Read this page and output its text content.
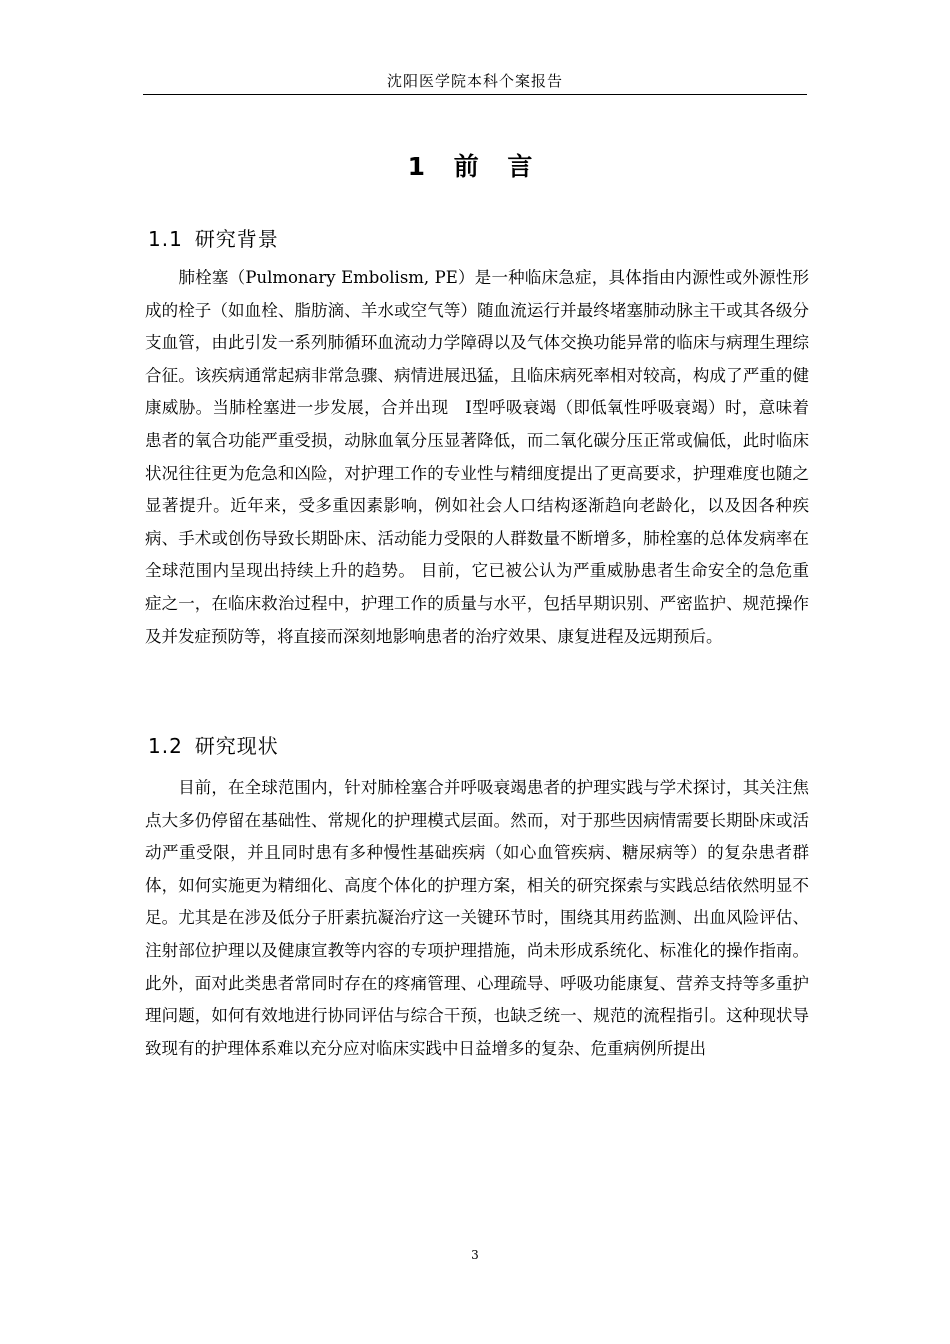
沈阳医学院本科个案报告
1 前 言
1.1 研究背景

　　肺栓塞（Pulmonary Embolism, PE）是一种临床急症，具体指由内源性或外源性形成的栓子（如血栓、脂肪滴、羊水或空气等）随血流运行并最终堵塞肺动脉主干或其各级分支血管，由此引发一系列肺循环血流动力学障碍以及气体交换功能异常的临床与病理生理综合征。该疾病通常起病非常急骤、病情进展迅猛，且临床病死率相对较高，构成了严重的健康威胁。当肺栓塞进一步发展，合并出现　Ⅰ型呼吸衰竭（即低氧性呼吸衰竭）时，意味着患者的氧合功能严重受损，动脉血氧分压显著降低，而二氧化碳分压正常或偏低，此时临床状况往往更为危急和凶险，对护理工作的专业性与精细度提出了更高要求，护理难度也随之显著提升。近年来，受多重因素影响，例如社会人口结构逐渐趋向老龄化，以及因各种疾病、手术或创伤导致长期卧床、活动能力受限的人群数量不断增多，肺栓塞的总体发病率在全球范围内呈现出持续上升的趋势。 目前，它已被公认为严重威胁患者生命安全的急危重症之一，在临床救治过程中，护理工作的质量与水平，包括早期识别、严密监护、规范操作及并发症预防等，将直接而深刻地影响患者的治疗效果、康复进程及远期预后。

1.2 研究现状

　　目前，在全球范围内，针对肺栓塞合并呼吸衰竭患者的护理实践与学术探讨，其关注焦点大多仍停留在基础性、常规化的护理模式层面。然而，对于那些因病情需要长期卧床或活动严重受限，并且同时患有多种慢性基础疾病（如心血管疾病、糖尿病等）的复杂患者群体，如何实施更为精细化、高度个体化的护理方案，相关的研究探索与实践总结依然明显不足。尤其是在涉及低分子肝素抗凝治疗这一关键环节时，围绕其用药监测、出血风险评估、注射部位护理以及健康宣教等内容的专项护理措施，尚未形成系统化、标准化的操作指南。此外，面对此类患者常同时存在的疼痛管理、心理疏导、呼吸功能康复、营养支持等多重护理问题，如何有效地进行协同评估与综合干预，也缺乏统一、规范的流程指引。这种现状导致现有的护理体系难以充分应对临床实践中日益增多的复杂、危重病例所提出

3
